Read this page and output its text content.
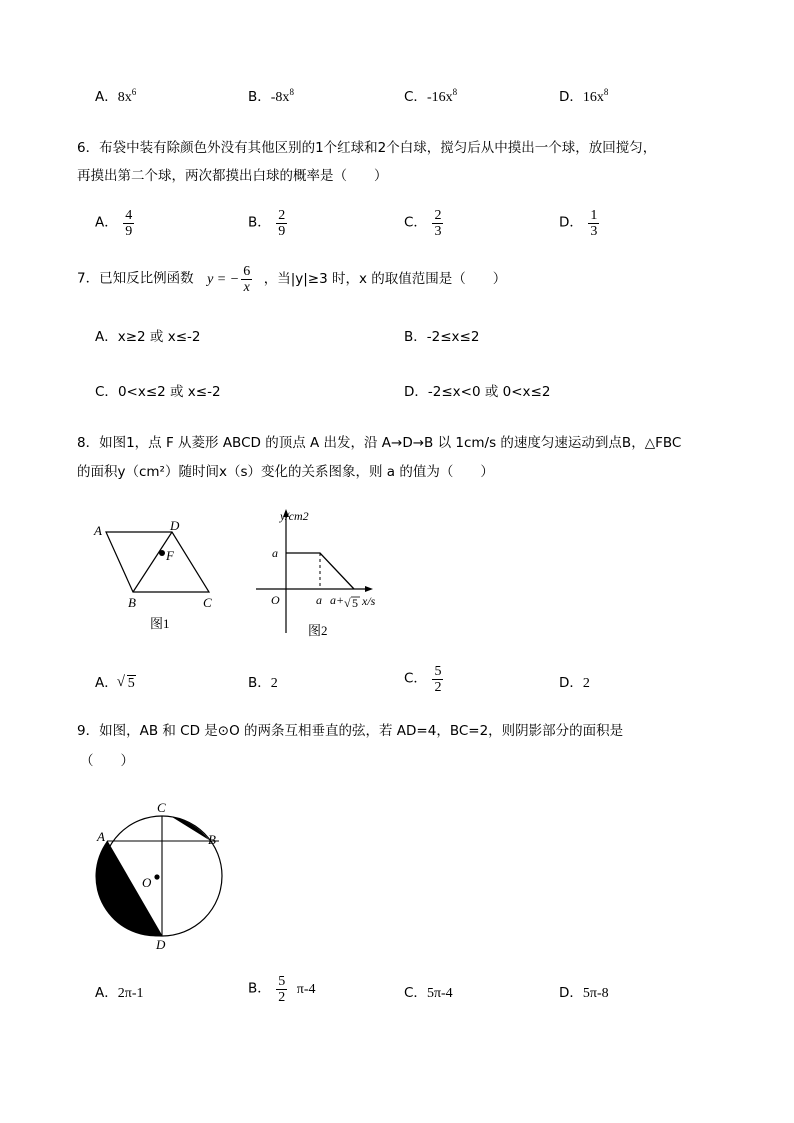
A．$8x^6$	B．$-8x^8$	C．$-16x^8$	D．$16x^8$
6．布袋中装有除颜色外没有其他区别的1个红球和2个白球，搅匀后从中摸出一个球，放回搅匀，
再摸出第二个球，两次都摸出白球的概率是（　　）
A． $\frac{4}{9}$	B． $\frac{2}{9}$	C． $\frac{2}{3}$	D． $\frac{1}{3}$
7．已知反比例函数 y = − $\frac{6}{x}$ ，当|y|≥3 时，x 的取值范围是（　　）
A．x≥2 或 x≤-2	B．-2≤x≤2
C．0<x≤2 或 x≤-2	D．-2≤x<0 或 0<x≤2
8．如图1，点 F 从菱形 ABCD 的顶点 A 出发，沿 A→D→B 以 1cm/s 的速度匀速运动到点B，△FBC
的面积y（cm²）随时间x（s）变化的关系图象，则 a 的值为（　　）
A	D
F
B	C
图1
y/cm2
a
O	a a+ √ 5 x/s
图2
A．√ 5	B．2	C． $\frac{5}{2}$	D．2
9．如图，AB 和 CD 是⊙O 的两条互相垂直的弦，若 AD=4，BC=2，则阴影部分的面积是
（　　）
C
A	B
O
D
A．2π-1	B． $\frac{5}{2} \pi-4$	C．5π-4	D．5π-8
